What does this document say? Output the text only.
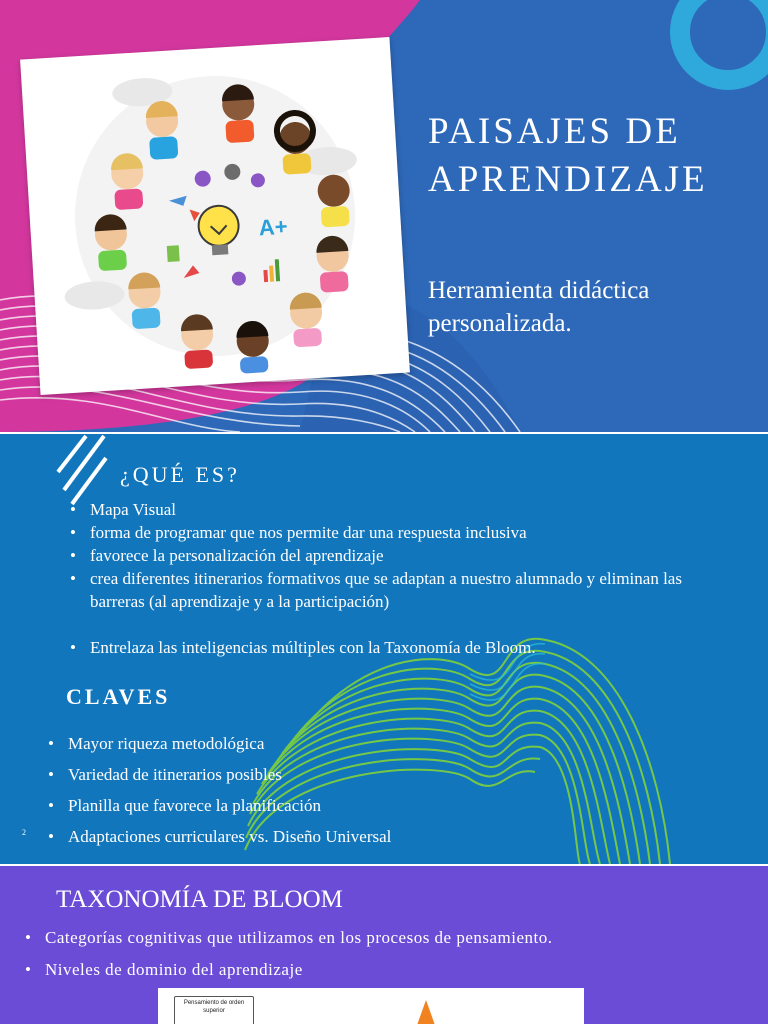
A+
PAISAJES DE
APRENDIZAJE

Herramienta didáctica
personalizada.

¿QUÉ ES?
• Mapa Visual
• forma de programar que nos permite dar una respuesta inclusiva
• favorece la personalización del aprendizaje
• crea diferentes itinerarios formativos que se adaptan a nuestro alumnado y eliminan las barreras (al aprendizaje y a la participación)
• Entrelaza las inteligencias múltiples con la Taxonomía de Bloom.
CLAVES
• Mayor riqueza metodológica
• Variedad de itinerarios posibles
• Planilla que favorece la planificación
• Adaptaciones curriculares vs. Diseño Universal
2
TAXONOMÍA DE BLOOM
• Categorías cognitivas que utilizamos en los procesos de pensamiento.
• Niveles de dominio del aprendizaje
Pensamiento de orden superior
